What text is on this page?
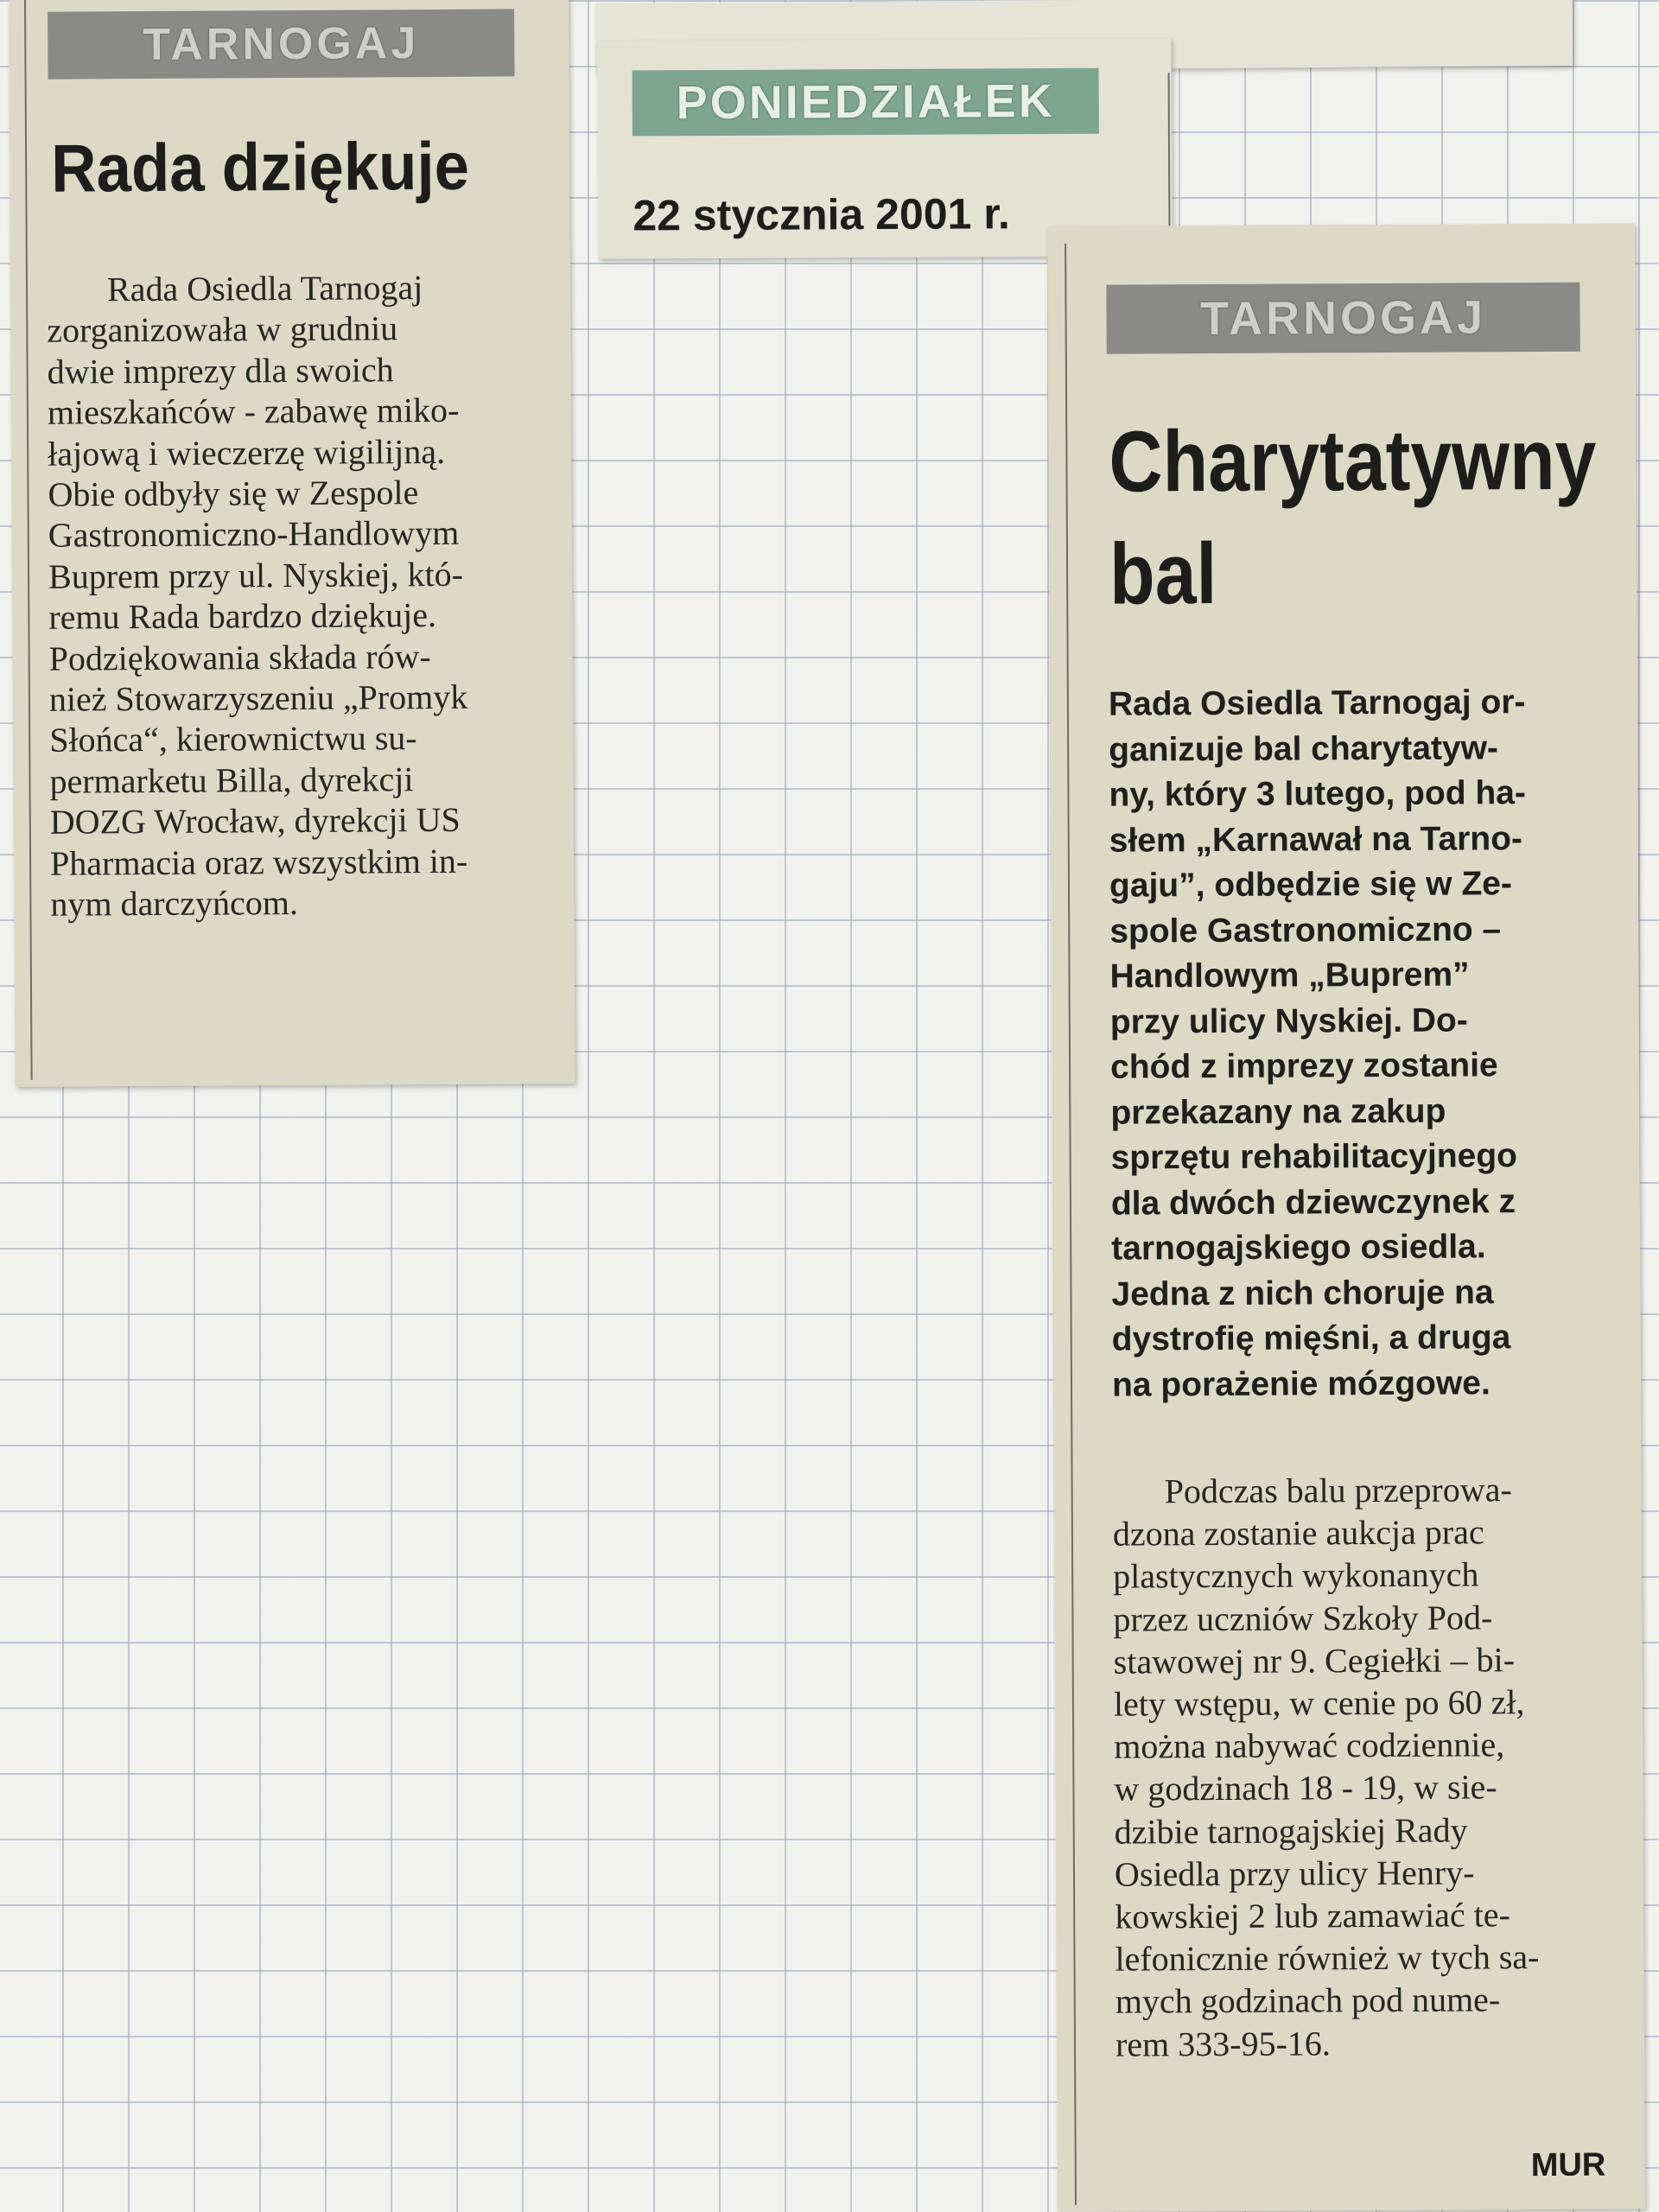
TARNOGAJ
Rada dziękuje
Rada Osiedla Tarnogaj
zorganizowała w grudniu
dwie imprezy dla swoich
mieszkańców - zabawę miko-
łajową i wieczerzę wigilijną.
Obie odbyły się w Zespole
Gastronomiczno-Handlowym
Buprem przy ul. Nyskiej, któ-
remu Rada bardzo dziękuje.
Podziękowania składa rów-
nież Stowarzyszeniu „Promyk
Słońca“, kierownictwu su-
permarketu Billa, dyrekcji
DOZG Wrocław, dyrekcji US
Pharmacia oraz wszystkim in-
nym darczyńcom.
PONIEDZIAŁEK
22 stycznia 2001 r.
TARNOGAJ
Charytatywny
bal
Rada Osiedla Tarnogaj or-
ganizuje bal charytatyw-
ny, który 3 lutego, pod ha-
słem „Karnawał na Tarno-
gaju”, odbędzie się w Ze-
spole Gastronomiczno –
Handlowym „Buprem”
przy ulicy Nyskiej. Do-
chód z imprezy zostanie
przekazany na zakup
sprzętu rehabilitacyjnego
dla dwóch dziewczynek z
tarnogajskiego osiedla.
Jedna z nich choruje na
dystrofię mięśni, a druga
na porażenie mózgowe.
Podczas balu przeprowa-
dzona zostanie aukcja prac
plastycznych wykonanych
przez uczniów Szkoły Pod-
stawowej nr 9. Cegiełki – bi-
lety wstępu, w cenie po 60 zł,
można nabywać codziennie,
w godzinach 18 - 19, w sie-
dzibie tarnogajskiej Rady
Osiedla przy ulicy Henry-
kowskiej 2 lub zamawiać te-
lefonicznie również w tych sa-
mych godzinach pod nume-
rem 333-95-16.
MUR
